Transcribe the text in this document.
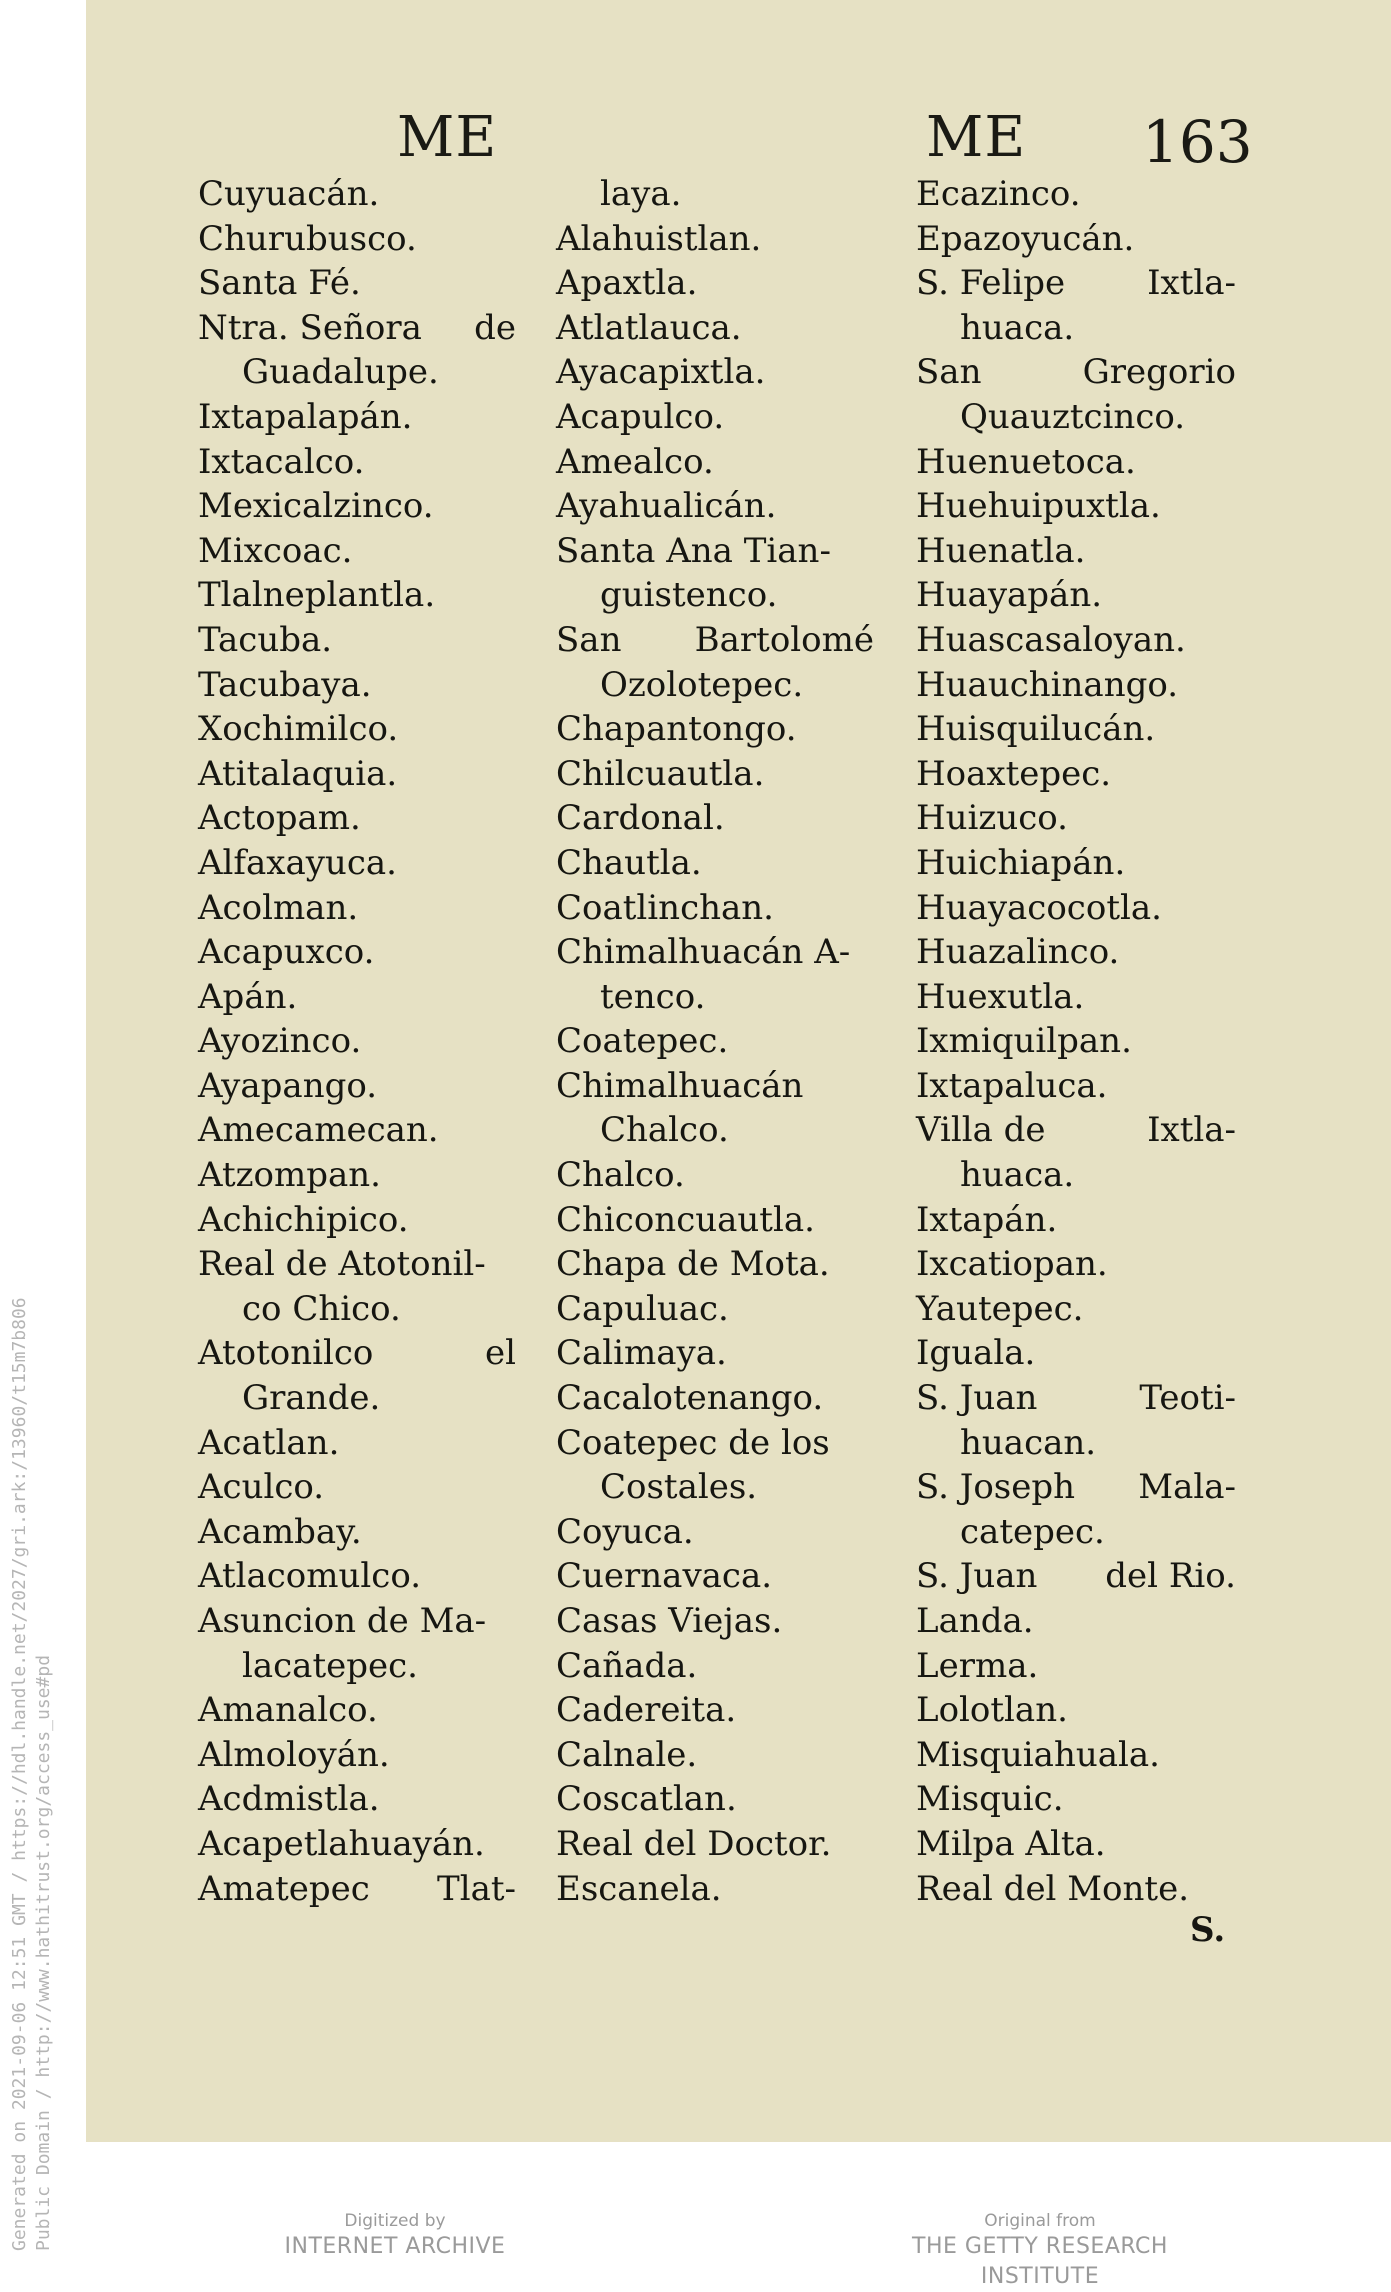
ME	ME 163
Cuyuacán.
Churubusco.
Santa Fé.
Ntra. Señora de
Guadalupe.
Ixtapalapán.
Ixtacalco.
Mexicalzinco.
Mixcoac.
Tlalneplantla.
Tacuba.
Tacubaya.
Xochimilco.
Atitalaquia.
Actopam.
Alfaxayuca.
Acolman.
Acapuxco.
Apán.
Ayozinco.
Ayapango.
Amecamecan.
Atzompan.
Achichipico.
Real de Atotonil-
co Chico.
Atotonilco	el
Grande.
Acatlan.
Aculco.
Acambay.
Atlacomulco.
Asuncion de Ma-
lacatepec.
Amanalco.
Almoloyán.
Acdmistla.
Acapetlahuayán.
Amatepec Tlat-
laya.
Alahuistlan.
Apaxtla.
Atlatlauca.
Ayacapixtla.
Acapulco.
Amealco.
Ayahualicán.
Santa Ana Tian-
guistenco.
San Bartolomé
Ozolotepec.
Chapantongo.
Chilcuautla.
Cardonal.
Chautla.
Coatlinchan.
Chimalhuacán A-
tenco.
Coatepec.
Chimalhuacán
Chalco.
Chalco.
Chiconcuautla.
Chapa de Mota.
Capuluac.
Calimaya.
Cacalotenango.
Coatepec de los
Costales.
Coyuca.
Cuernavaca.
Casas Viejas.
Cañada.
Cadereita.
Calnale.
Coscatlan.
Real del Doctor.
Escanela.
Ecazinco.
Epazoyucán.
S. Felipe Ixtla-
huaca.
San	Gregorio
Quauztcinco.
Huenuetoca.
Huehuipuxtla.
Huenatla.
Huayapán.
Huascasaloyan.
Huauchinango.
Huisquilucán.
Hoaxtepec.
Huizuco.
Huichiapán.
Huayacocotla.
Huazalinco.
Huexutla.
Ixmiquilpan.
Ixtapaluca.
Villa de	Ixtla-
huaca.
Ixtapán.
Ixcatiopan.
Yautepec.
Iguala.
S. Juan	Teoti-
huacan.
S. Joseph Mala-
catepec.
S. Juan del Rio.
Landa.
Lerma.
Lolotlan.
Misquiahuala.
Misquic.
Milpa Alta.
Real del Monte.
S.
Generated on 2021-09-06 12:51 GMT / https://hdl.handle.net/2027/gri.ark:/13960/t15m7b806 Public Domain / http://www.hathitrust.org/access_use#pd	Digitized by
INTERNET ARCHIVE
Original from
THE GETTY RESEARCH INSTITUTE
